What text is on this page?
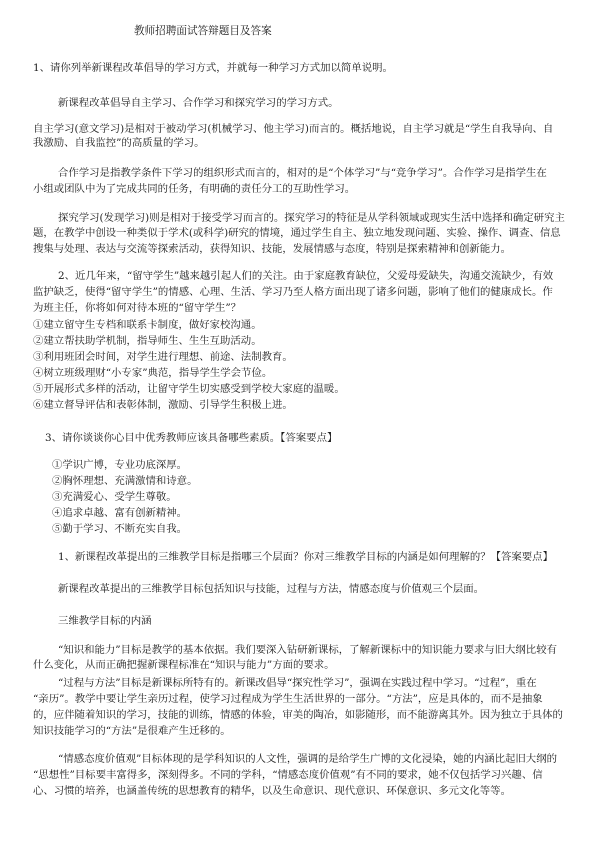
教师招聘面试答辩题目及答案
1、请你列举新课程改革倡导的学习方式，并就每一种学习方式加以简单说明。
新课程改革倡导自主学习、合作学习和探究学习的学习方式。
自主学习(意文学习)是相对于被动学习(机械学习、他主学习)而言的。概括地说，自主学习就是“学生自我导向、自
我激励、自我监控”的高质量的学习。
合作学习是指教学条件下学习的组织形式而言的，相对的是“个体学习”与“竞争学习”。合作学习是指学生在
小组或团队中为了完成共同的任务，有明确的责任分工的互助性学习。
探究学习(发现学习)则是相对于接受学习而言的。探究学习的特征是从学科领域或现实生活中选择和确定研究主
题，在教学中创设一种类似于学术(或科学)研究的情境，通过学生自主、独立地发现问题、实验、操作、调查、信息
搜集与处理、表达与交流等探索活动，获得知识、技能，发展情感与态度，特别是探索精神和创新能力。
2、近几年来，“留守学生”越来越引起人们的关注。由于家庭教育缺位，父爱母爱缺失，沟通交流缺少，有效
监护缺乏，使得“留守学生”的情感、心理、生活、学习乃至人格方面出现了诸多问题，影响了他们的健康成长。作
为班主任，你将如何对待本班的“留守学生”？
①建立留守生专档和联系卡制度，做好家校沟通。
②建立帮扶助学机制，指导师生、生生互助活动。
③利用班团会时间，对学生进行理想、前途、法制教育。
④树立班级理财“小专家”典范，指导学生学会节俭。
⑤开展形式多样的活动，让留守学生切实感受到学校大家庭的温暖。
⑥建立督导评估和表彰体制，激励、引导学生积极上进。
3、请你谈谈你心目中优秀教师应该具备哪些素质。【答案要点】
①学识广博，专业功底深厚。
②胸怀理想、充满激情和诗意。
③充满爱心、受学生尊敬。
④追求卓越、富有创新精神。
⑤勤于学习、不断充实自我。
1、新课程改革提出的三维教学目标是指哪三个层面？你对三维教学目标的内涵是如何理解的？【答案要点】
新课程改革提出的三维教学目标包括知识与技能，过程与方法，情感态度与价值观三个层面。
三维教学目标的内涵
“知识和能力”目标是教学的基本依据。我们要深入钻研新课标，了解新课标中的知识能力要求与旧大纲比较有
什么变化，从而正确把握新课程标准在“知识与能力”方面的要求。
“过程与方法”目标是新课标所特有的。新课改倡导“探究性学习”，强调在实践过程中学习。“过程”，重在
“亲历”。教学中要让学生亲历过程，使学习过程成为学生生活世界的一部分。“方法”，应是具体的，而不是抽象
的，应伴随着知识的学习，技能的训练，情感的体验，审美的陶冶，如影随形，而不能游离其外。因为独立于具体的
知识技能学习的“方法”是很难产生迁移的。
“情感态度价值观”目标体现的是学科知识的人文性，强调的是给学生广博的文化浸染，她的内涵比起旧大纲的
“思想性”目标要丰富得多，深刻得多。不同的学科，“情感态度价值观”有不同的要求，她不仅包括学习兴趣、信
心、习惯的培养，也涵盖传统的思想教育的精华，以及生命意识、现代意识、环保意识、多元文化等等。
